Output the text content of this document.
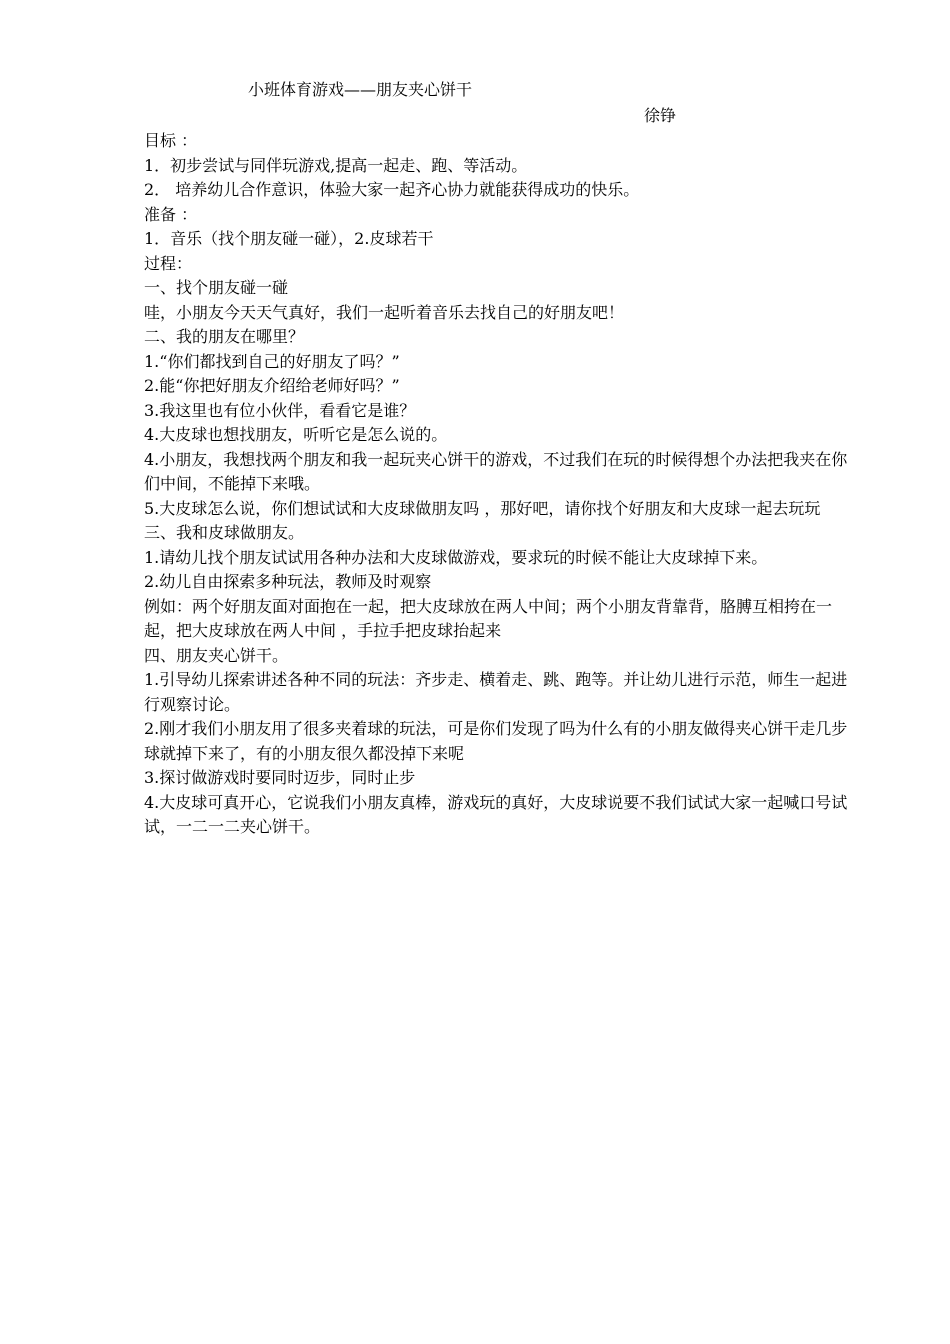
小班体育游戏——朋友夹心饼干
徐铮

目标 ：

1．初步尝试与同伴玩游戏,提高一起走、跑、等活动。

2． 培养幼儿合作意识，体验大家一起齐心协力就能获得成功的快乐。

准备 ：

1．音乐（找个朋友碰一碰），2.皮球若干

过程：

一、找个朋友碰一碰

哇，小朋友今天天气真好，我们一起听着音乐去找自己的好朋友吧！

二、我的朋友在哪里？

1.“你们都找到自己的好朋友了吗？”

2.能“你把好朋友介绍给老师好吗？”

3.我这里也有位小伙伴，看看它是谁？

4.大皮球也想找朋友，听听它是怎么说的。

4.小朋友，我想找两个朋友和我一起玩夹心饼干的游戏，不过我们在玩的时候得想个办法把我夹在你们中间，不能掉下来哦。

5.大皮球怎么说，你们想试试和大皮球做朋友吗 ，那好吧，请你找个好朋友和大皮球一起去玩玩

三、我和皮球做朋友。

1.请幼儿找个朋友试试用各种办法和大皮球做游戏，要求玩的时候不能让大皮球掉下来。

2.幼儿自由探索多种玩法，教师及时观察

例如：两个好朋友面对面抱在一起，把大皮球放在两人中间；两个小朋友背靠背，胳膊互相挎在一起，把大皮球放在两人中间 ，手拉手把皮球抬起来

四、朋友夹心饼干。

1.引导幼儿探索讲述各种不同的玩法：齐步走、横着走、跳、跑等。并让幼儿进行示范，师生一起进行观察讨论。

2.刚才我们小朋友用了很多夹着球的玩法，可是你们发现了吗为什么有的小朋友做得夹心饼干走几步球就掉下来了，有的小朋友很久都没掉下来呢

3.探讨做游戏时要同时迈步，同时止步

4.大皮球可真开心，它说我们小朋友真棒，游戏玩的真好，大皮球说要不我们试试大家一起喊口号试试，一二一二夹心饼干。
